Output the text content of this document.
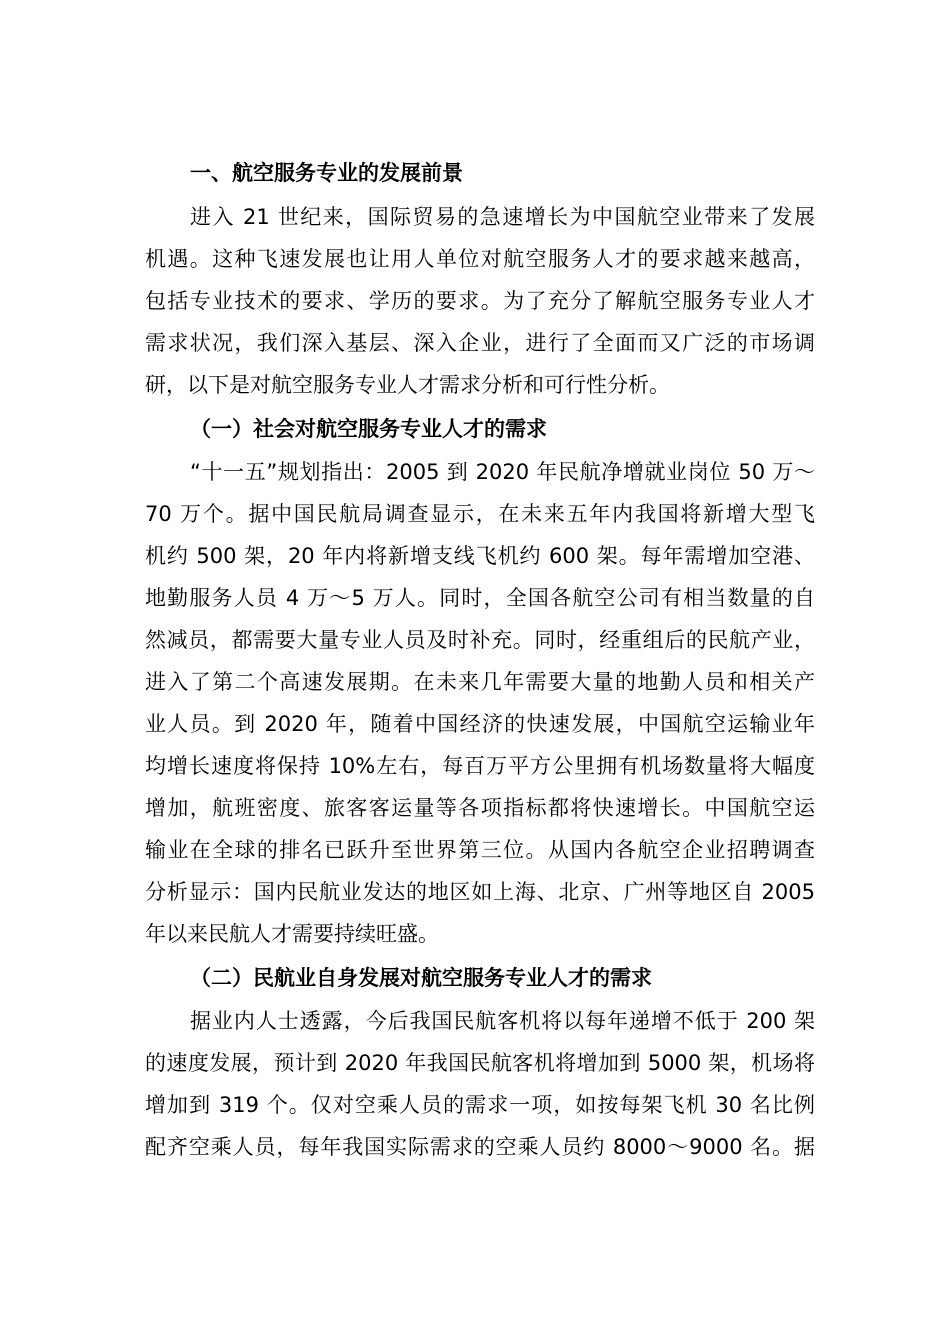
一、航空服务专业的发展前景
进入 21 世纪来，国际贸易的急速增长为中国航空业带来了发展
机遇。这种飞速发展也让用人单位对航空服务人才的要求越来越高，
包括专业技术的要求、学历的要求。为了充分了解航空服务专业人才
需求状况，我们深入基层、深入企业，进行了全面而又广泛的市场调
研，以下是对航空服务专业人才需求分析和可行性分析。
（一）社会对航空服务专业人才的需求
“十一五”规划指出：2005 到 2020 年民航净增就业岗位 50 万～
70 万个。据中国民航局调查显示，在未来五年内我国将新增大型飞
机约 500 架，20 年内将新增支线飞机约 600 架。每年需增加空港、
地勤服务人员 4 万～5 万人。同时，全国各航空公司有相当数量的自
然减员，都需要大量专业人员及时补充。同时，经重组后的民航产业，
进入了第二个高速发展期。在未来几年需要大量的地勤人员和相关产
业人员。到 2020 年，随着中国经济的快速发展，中国航空运输业年
均增长速度将保持 10%左右，每百万平方公里拥有机场数量将大幅度
增加，航班密度、旅客客运量等各项指标都将快速增长。中国航空运
输业在全球的排名已跃升至世界第三位。从国内各航空企业招聘调查
分析显示：国内民航业发达的地区如上海、北京、广州等地区自 2005
年以来民航人才需要持续旺盛。
（二）民航业自身发展对航空服务专业人才的需求
据业内人士透露，今后我国民航客机将以每年递增不低于 200 架
的速度发展，预计到 2020 年我国民航客机将增加到 5000 架，机场将
增加到 319 个。仅对空乘人员的需求一项，如按每架飞机 30 名比例
配齐空乘人员，每年我国实际需求的空乘人员约 8000～9000 名。据
